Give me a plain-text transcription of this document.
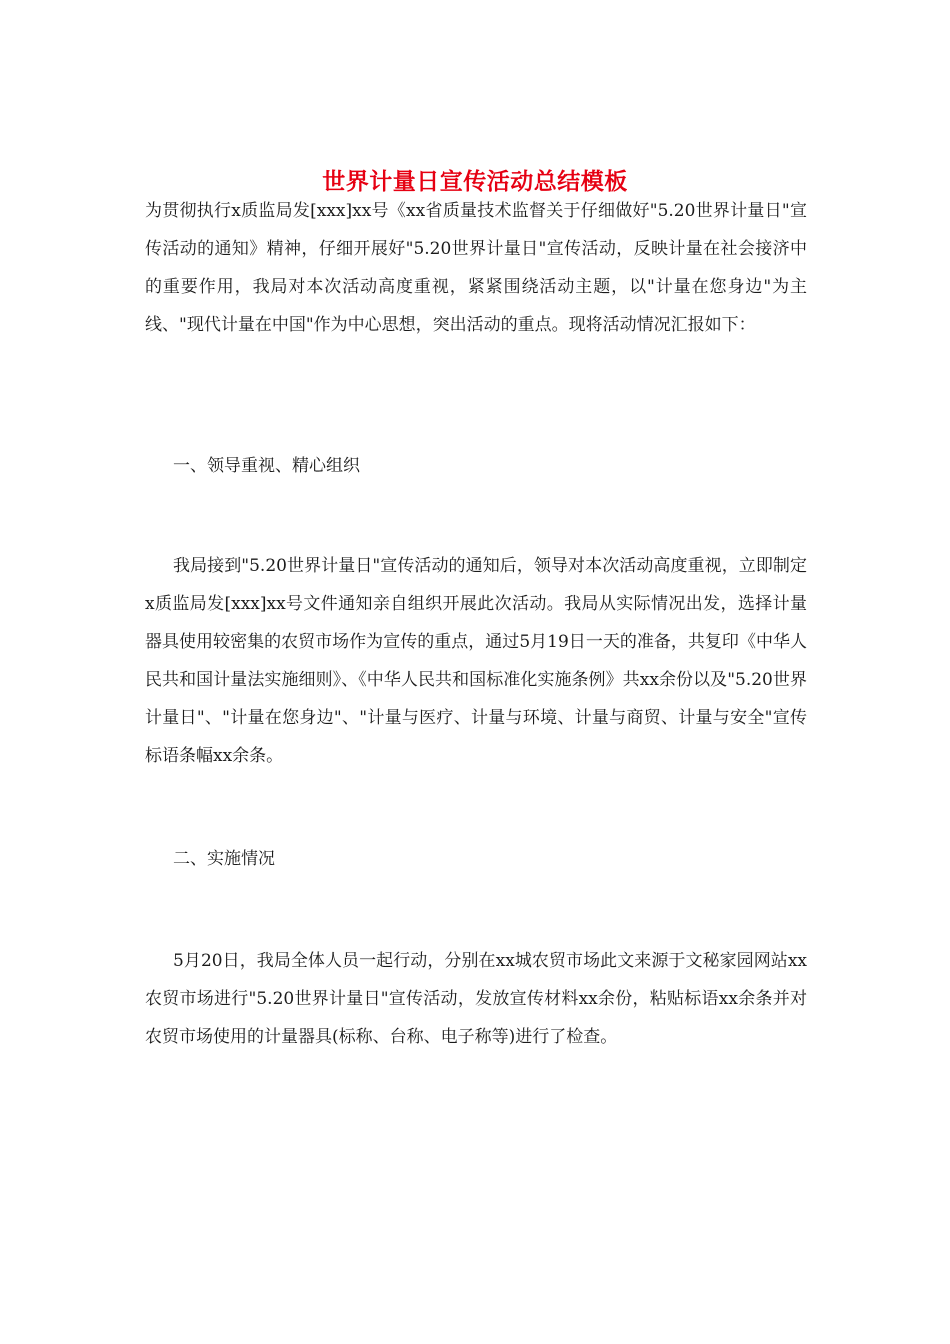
世界计量日宣传活动总结模板

为贯彻执行x质监局发[xxx]xx号《xx省质量技术监督关于仔细做好"5.20世界计量日"宣传活动的通知》精神，仔细开展好"5.20世界计量日"宣传活动，反映计量在社会接济中的重要作用，我局对本次活动高度重视，紧紧围绕活动主题，以"计量在您身边"为主线、"现代计量在中国"作为中心思想，突出活动的重点。现将活动情况汇报如下：

一、领导重视、精心组织

我局接到"5.20世界计量日"宣传活动的通知后，领导对本次活动高度重视，立即制定x质监局发[xxx]xx号文件通知亲自组织开展此次活动。我局从实际情况出发，选择计量器具使用较密集的农贸市场作为宣传的重点，通过5月19日一天的准备，共复印《中华人民共和国计量法实施细则》、《中华人民共和国标准化实施条例》共xx余份以及"5.20世界计量日"、"计量在您身边"、"计量与医疗、计量与环境、计量与商贸、计量与安全"宣传标语条幅xx余条。

二、实施情况

5月20日，我局全体人员一起行动，分别在xx城农贸市场此文来源于文秘家园网站xx农贸市场进行"5.20世界计量日"宣传活动，发放宣传材料xx余份，粘贴标语xx余条并对农贸市场使用的计量器具(标称、台称、电子称等)进行了检查。
